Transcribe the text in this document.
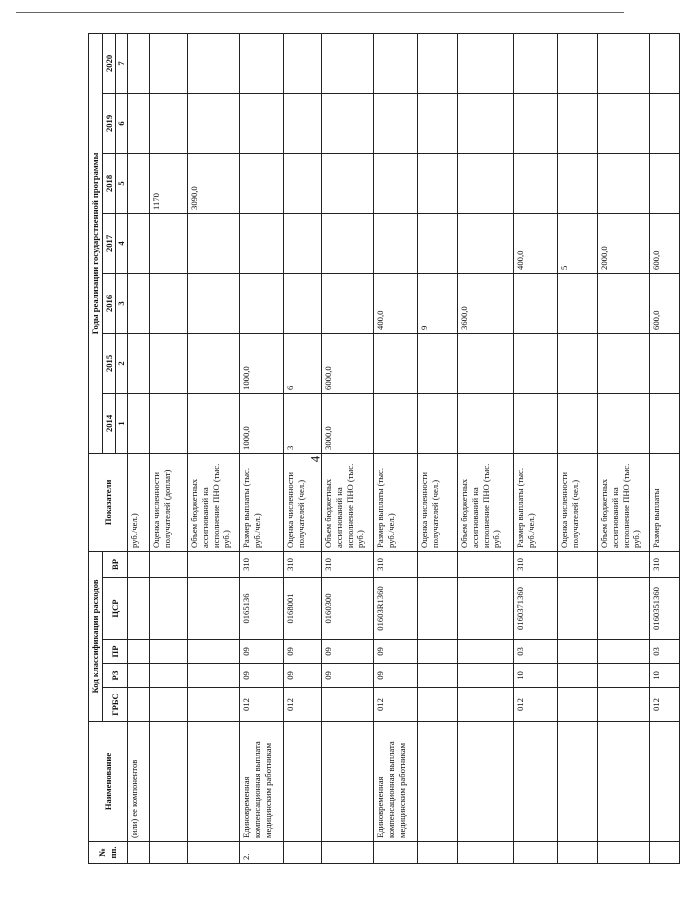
4
№ пп.	Наименование	Код классификации расходов					Показатели	Годы реализации государственной программы							
		ГРБС	РЗ	ПР	ЦСР	ВР		2014	2015	2016	2017	2018	2019	2020	
								1	2	3	4	5	6	7								
	(или) ее компонентов						руб./чел.)								
							Оценка численности получателей (доплат)					1170			
							Объем бюджетных ассигнований на исполнение ПНО (тыс. руб.)					3090,0			
2.	Единовременная компенсационная выплата медицинским работникам	012	09	09	0165136	310	Размер выплаты (тыс. руб./чел.)	1000,0	1000,0						
		012	09	09	0168001	310	Оценка численности получателей (чел.)	3	6						
			09	09	0160300	310	Объем бюджетных ассигнований на исполнение ПНО (тыс. руб.)	3000,0	6000,0						
	Единовременная компенсационная выплата медицинским работникам	012	09	09	01603R1360	310	Размер выплаты (тыс. руб./чел.)			400,0					
							Оценка численности получателей (чел.)			9					
							Объем бюджетных ассигнований на исполнение ПНО (тыс. руб.)			3600,0					
		012	10	03	0160371360	310	Размер выплаты (тыс. руб./чел.)				400,0				
							Оценка численности получателей (чел.)				5				
							Объем бюджетных ассигнований на исполнение ПНО (тыс. руб.)				2000,0				
		012	10	03	0160351360	310	Размер выплаты			600,0	600,0				
